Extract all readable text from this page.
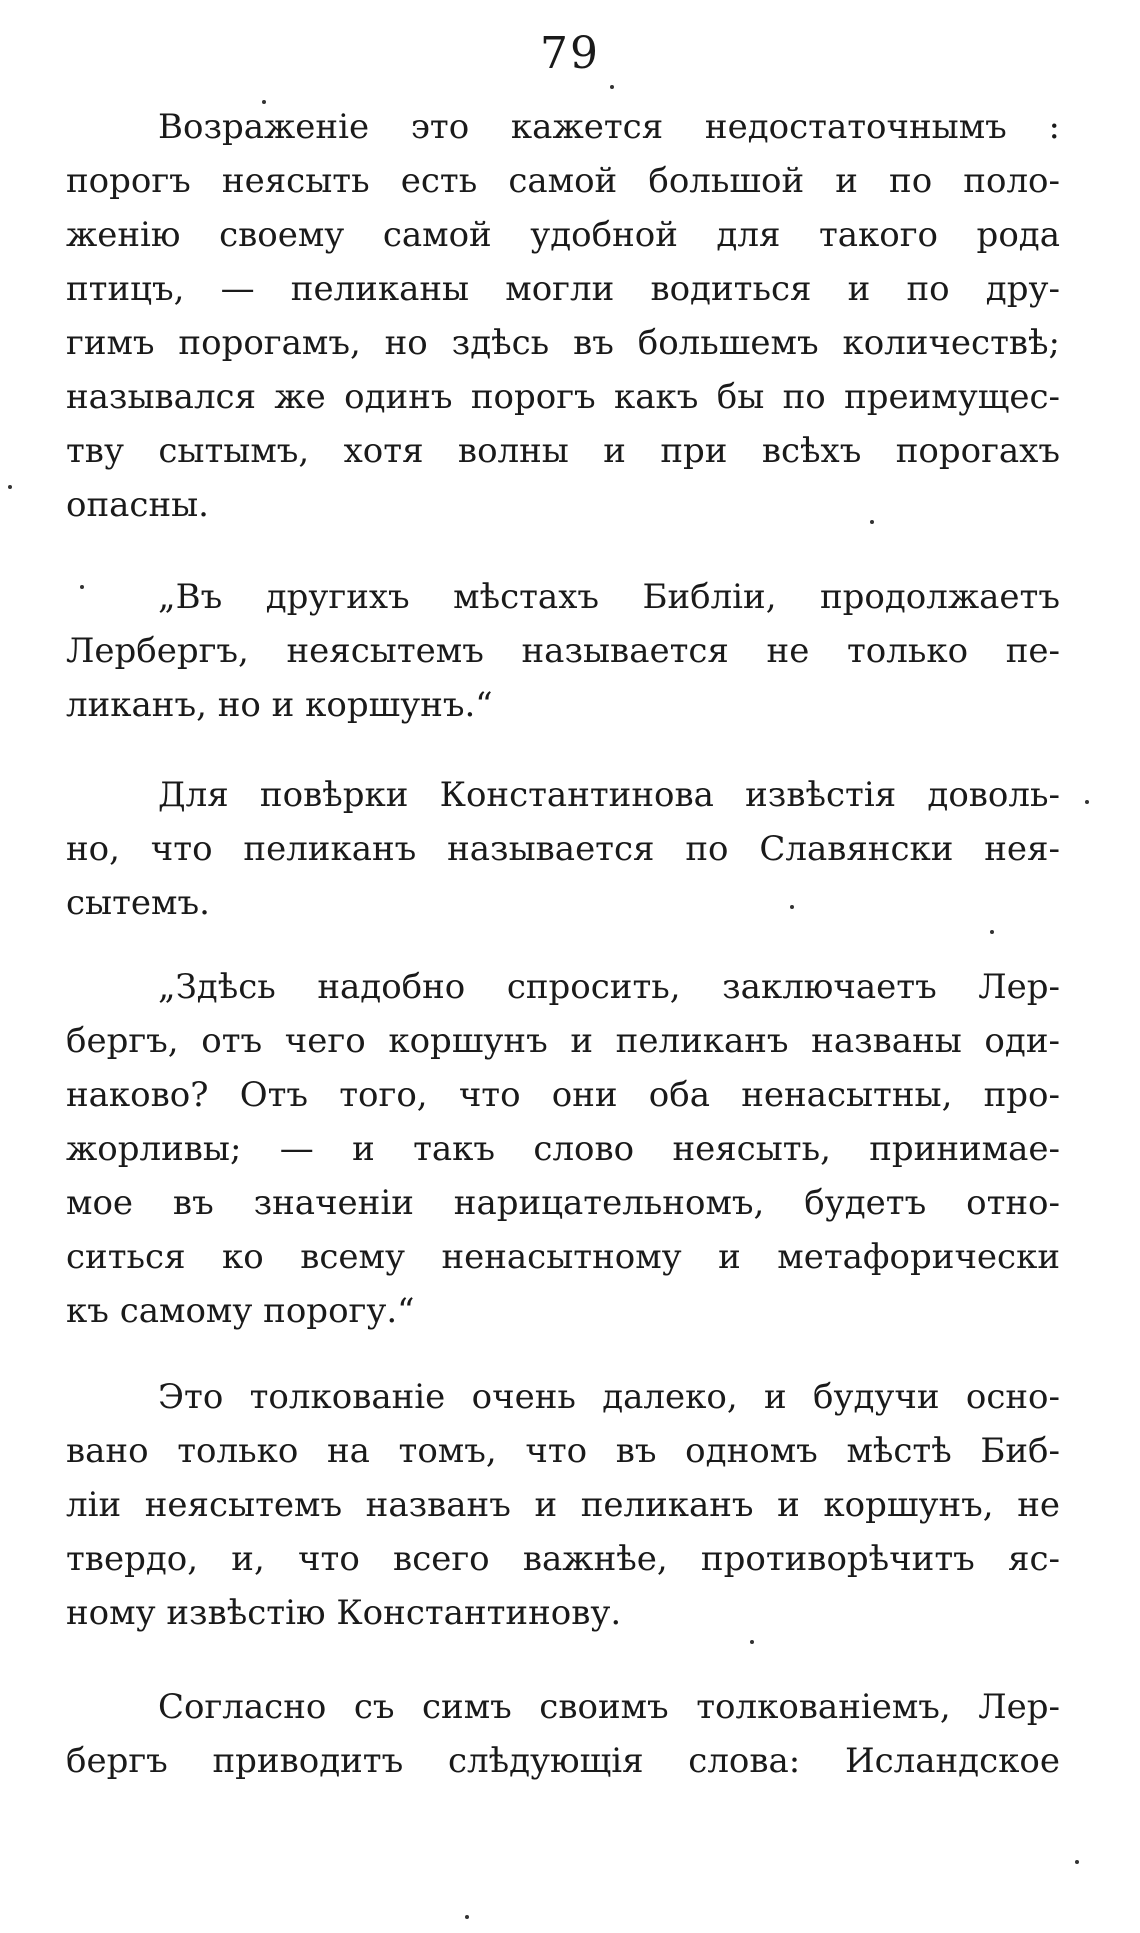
79
Возраженіе это кажется недостаточнымъ :
порогъ неясыть есть самой большой и по поло-
женію своему самой удобной для такого рода
птицъ, — пеликаны могли водиться и по дру-
гимъ порогамъ, но здѣсь въ большемъ количествѣ;
назывался же одинъ порогъ какъ бы по преимущес-
тву сытымъ, хотя волны и при всѣхъ порогахъ
опасны.
„Въ другихъ мѣстахъ Библіи, продолжаетъ
Лербергъ, неясытемъ называется не только пе-
ликанъ, но и коршунъ.“
Для повѣрки Константинова извѣстія доволь-
но, что пеликанъ называется по Славянски нея-
сытемъ.
„Здѣсь надобно спросить, заключаетъ Лер-
бергъ, отъ чего коршунъ и пеликанъ названы оди-
наково? Отъ того, что они оба ненасытны, про-
жорливы; — и такъ слово неясыть, принимае-
мое въ значеніи нарицательномъ, будетъ отно-
ситься ко всему ненасытному и метафорически
къ самому порогу.“
Это толкованіе очень далеко, и будучи осно-
вано только на томъ, что въ одномъ мѣстѣ Биб-
ліи неясытемъ названъ и пеликанъ и коршунъ, не
твердо, и, что всего важнѣе, противорѣчитъ яс-
ному извѣстію Константинову.
Согласно съ симъ своимъ толкованіемъ, Лер-
бергъ приводитъ слѣдующія слова: Исландское
